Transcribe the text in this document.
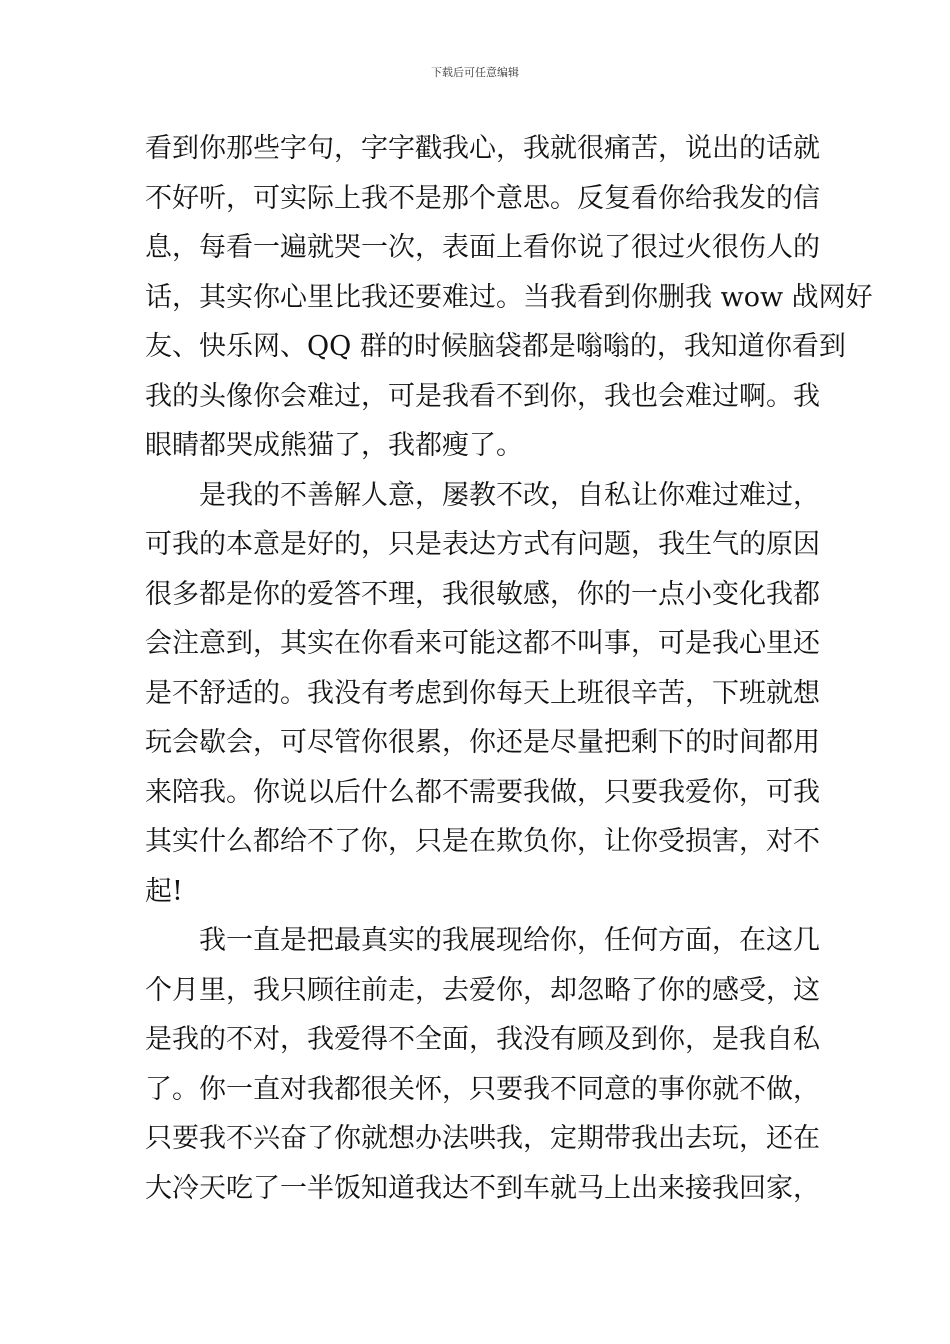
下载后可任意编辑
看到你那些字句，字字戳我心，我就很痛苦，说出的话就
不好听，可实际上我不是那个意思。反复看你给我发的信
息，每看一遍就哭一次，表面上看你说了很过火很伤人的
话，其实你心里比我还要难过。当我看到你删我 wow 战网好
友、快乐网、QQ 群的时候脑袋都是嗡嗡的，我知道你看到
我的头像你会难过，可是我看不到你，我也会难过啊。我
眼睛都哭成熊猫了，我都瘦了。
是我的不善解人意，屡教不改，自私让你难过难过，
可我的本意是好的，只是表达方式有问题，我生气的原因
很多都是你的爱答不理，我很敏感，你的一点小变化我都
会注意到，其实在你看来可能这都不叫事，可是我心里还
是不舒适的。我没有考虑到你每天上班很辛苦，下班就想
玩会歇会，可尽管你很累，你还是尽量把剩下的时间都用
来陪我。你说以后什么都不需要我做，只要我爱你，可我
其实什么都给不了你，只是在欺负你，让你受损害，对不
起!
我一直是把最真实的我展现给你，任何方面，在这几
个月里，我只顾往前走，去爱你，却忽略了你的感受，这
是我的不对，我爱得不全面，我没有顾及到你，是我自私
了。你一直对我都很关怀，只要我不同意的事你就不做，
只要我不兴奋了你就想办法哄我，定期带我出去玩，还在
大冷天吃了一半饭知道我达不到车就马上出来接我回家，
